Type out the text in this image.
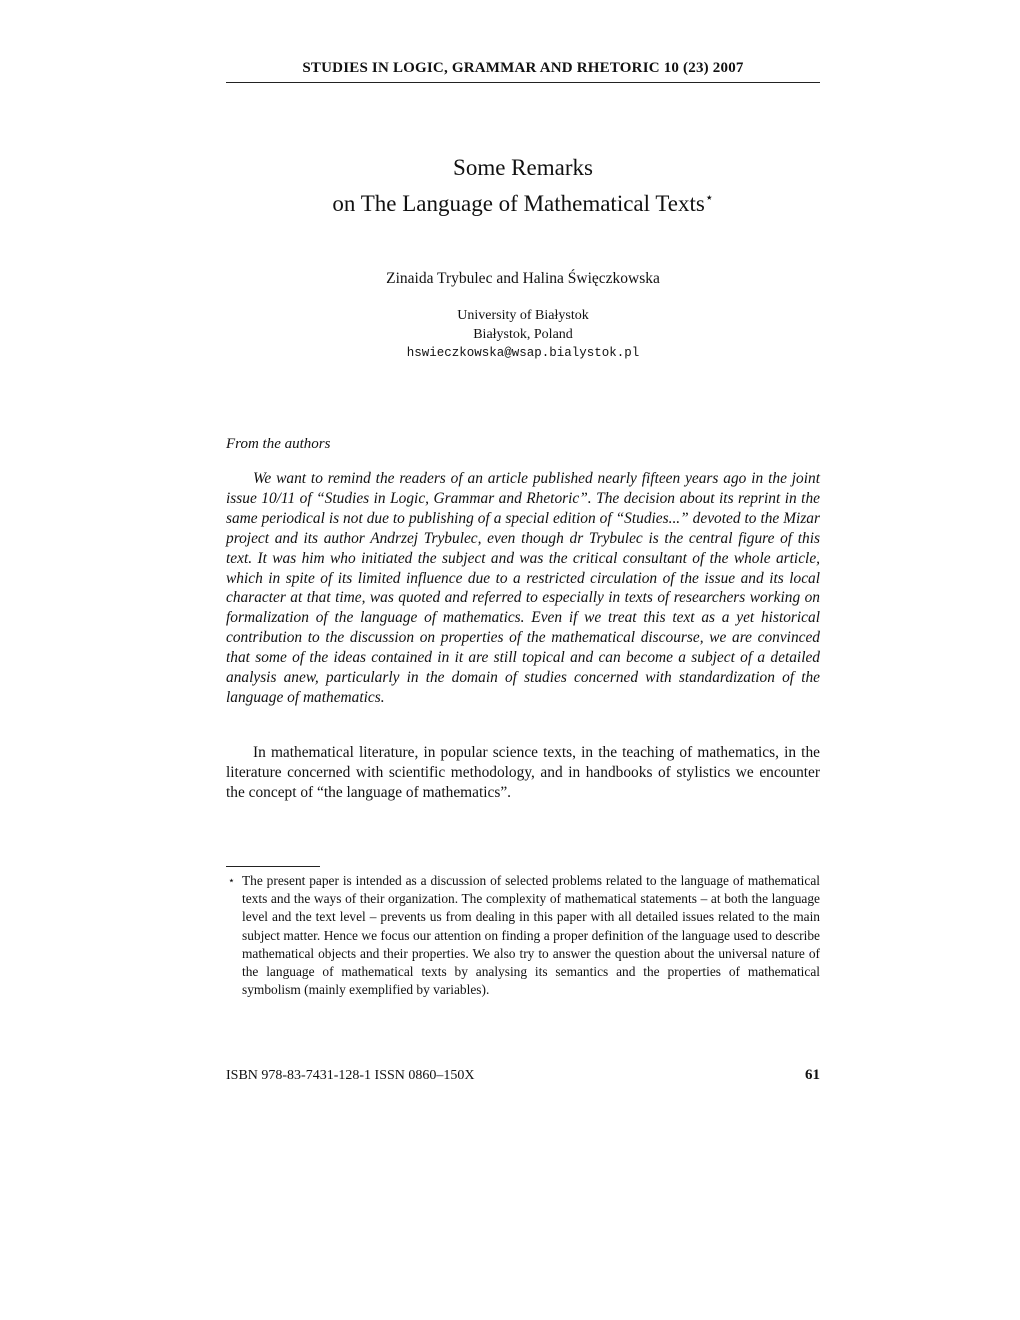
STUDIES IN LOGIC, GRAMMAR AND RHETORIC 10 (23) 2007
Some Remarks
on The Language of Mathematical Texts⋆
Zinaida Trybulec and Halina Święczkowska
University of Białystok
Białystok, Poland
hswieczkowska@wsap.bialystok.pl
From the authors

We want to remind the readers of an article published nearly fifteen years ago in the joint issue 10/11 of “Studies in Logic, Grammar and Rhetoric”. The decision about its reprint in the same periodical is not due to publishing of a special edition of “Studies...” devoted to the Mizar project and its author Andrzej Trybulec, even though dr Trybulec is the central figure of this text. It was him who initiated the subject and was the critical consultant of the whole article, which in spite of its limited influence due to a restricted circulation of the issue and its local character at that time, was quoted and referred to especially in texts of researchers working on formalization of the language of mathematics. Even if we treat this text as a yet historical contribution to the discussion on properties of the mathematical discourse, we are convinced that some of the ideas contained in it are still topical and can become a subject of a detailed analysis anew, particularly in the domain of studies concerned with standardization of the language of mathematics.

In mathematical literature, in popular science texts, in the teaching of mathematics, in the literature concerned with scientific methodology, and in handbooks of stylistics we encounter the concept of “the language of mathematics”.

⋆ The present paper is intended as a discussion of selected problems related to the language of mathematical texts and the ways of their organization. The complexity of mathematical statements – at both the language level and the text level – prevents us from dealing in this paper with all detailed issues related to the main subject matter. Hence we focus our attention on finding a proper definition of the language used to describe mathematical objects and their properties. We also try to answer the question about the universal nature of the language of mathematical texts by analysing its semantics and the properties of mathematical symbolism (mainly exemplified by variables).
ISBN 978-83-7431-128-1 ISSN 0860–150X	61
